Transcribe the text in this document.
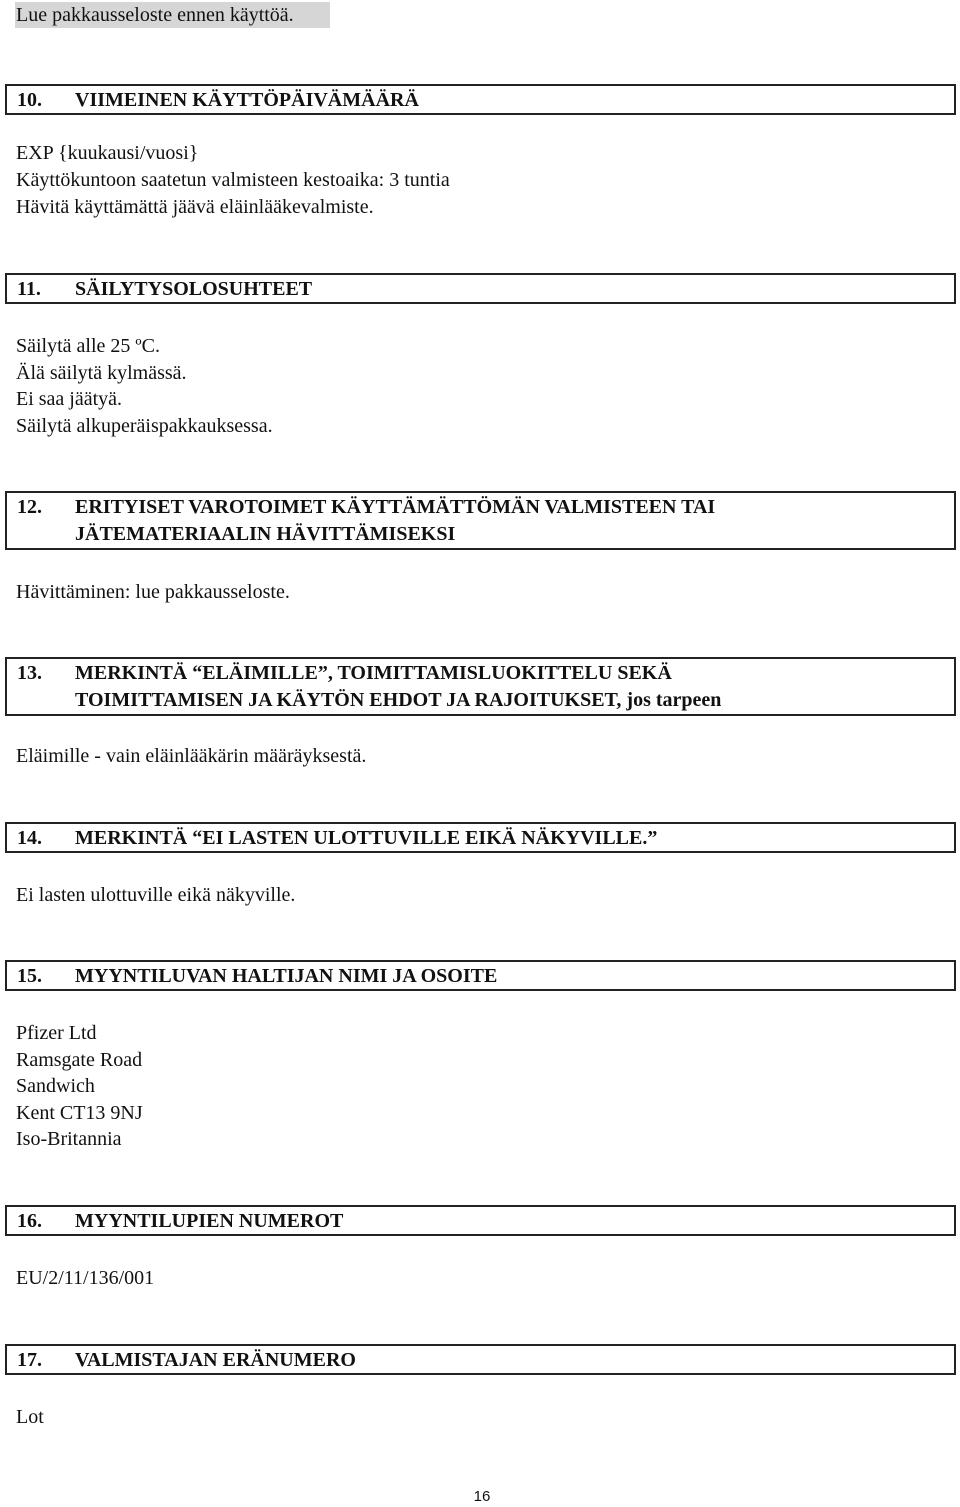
Lue pakkausseloste ennen käyttöä.
10. VIIMEINEN KÄYTTÖPÄIVÄMÄÄRÄ
EXP {kuukausi/vuosi}
Käyttökuntoon saatetun valmisteen kestoaika: 3 tuntia
Hävitä käyttämättä jäävä eläinlääkevalmiste.
11. SÄILYTYSOLOSUHTEET
Säilytä alle 25 ºC.
Älä säilytä kylmässä.
Ei saa jäätyä.
Säilytä alkuperäispakkauksessa.
12. ERITYISET VAROTOIMET KÄYTTÄMÄTTÖMÄN VALMISTEEN TAI
JÄTEMATERIAALIN HÄVITTÄMISEKSI
Hävittäminen: lue pakkausseloste.
13. MERKINTÄ “ELÄIMILLE”, TOIMITTAMISLUOKITTELU SEKÄ
TOIMITTAMISEN JA KÄYTÖN EHDOT JA RAJOITUKSET, jos tarpeen
Eläimille - vain eläinlääkärin määräyksestä.
14. MERKINTÄ “EI LASTEN ULOTTUVILLE EIKÄ NÄKYVILLE.”
Ei lasten ulottuville eikä näkyville.
15. MYYNTILUVAN HALTIJAN NIMI JA OSOITE
Pfizer Ltd
Ramsgate Road
Sandwich
Kent CT13 9NJ
Iso-Britannia
16. MYYNTILUPIEN NUMEROT
EU/2/11/136/001
17. VALMISTAJAN ERÄNUMERO
Lot
16
